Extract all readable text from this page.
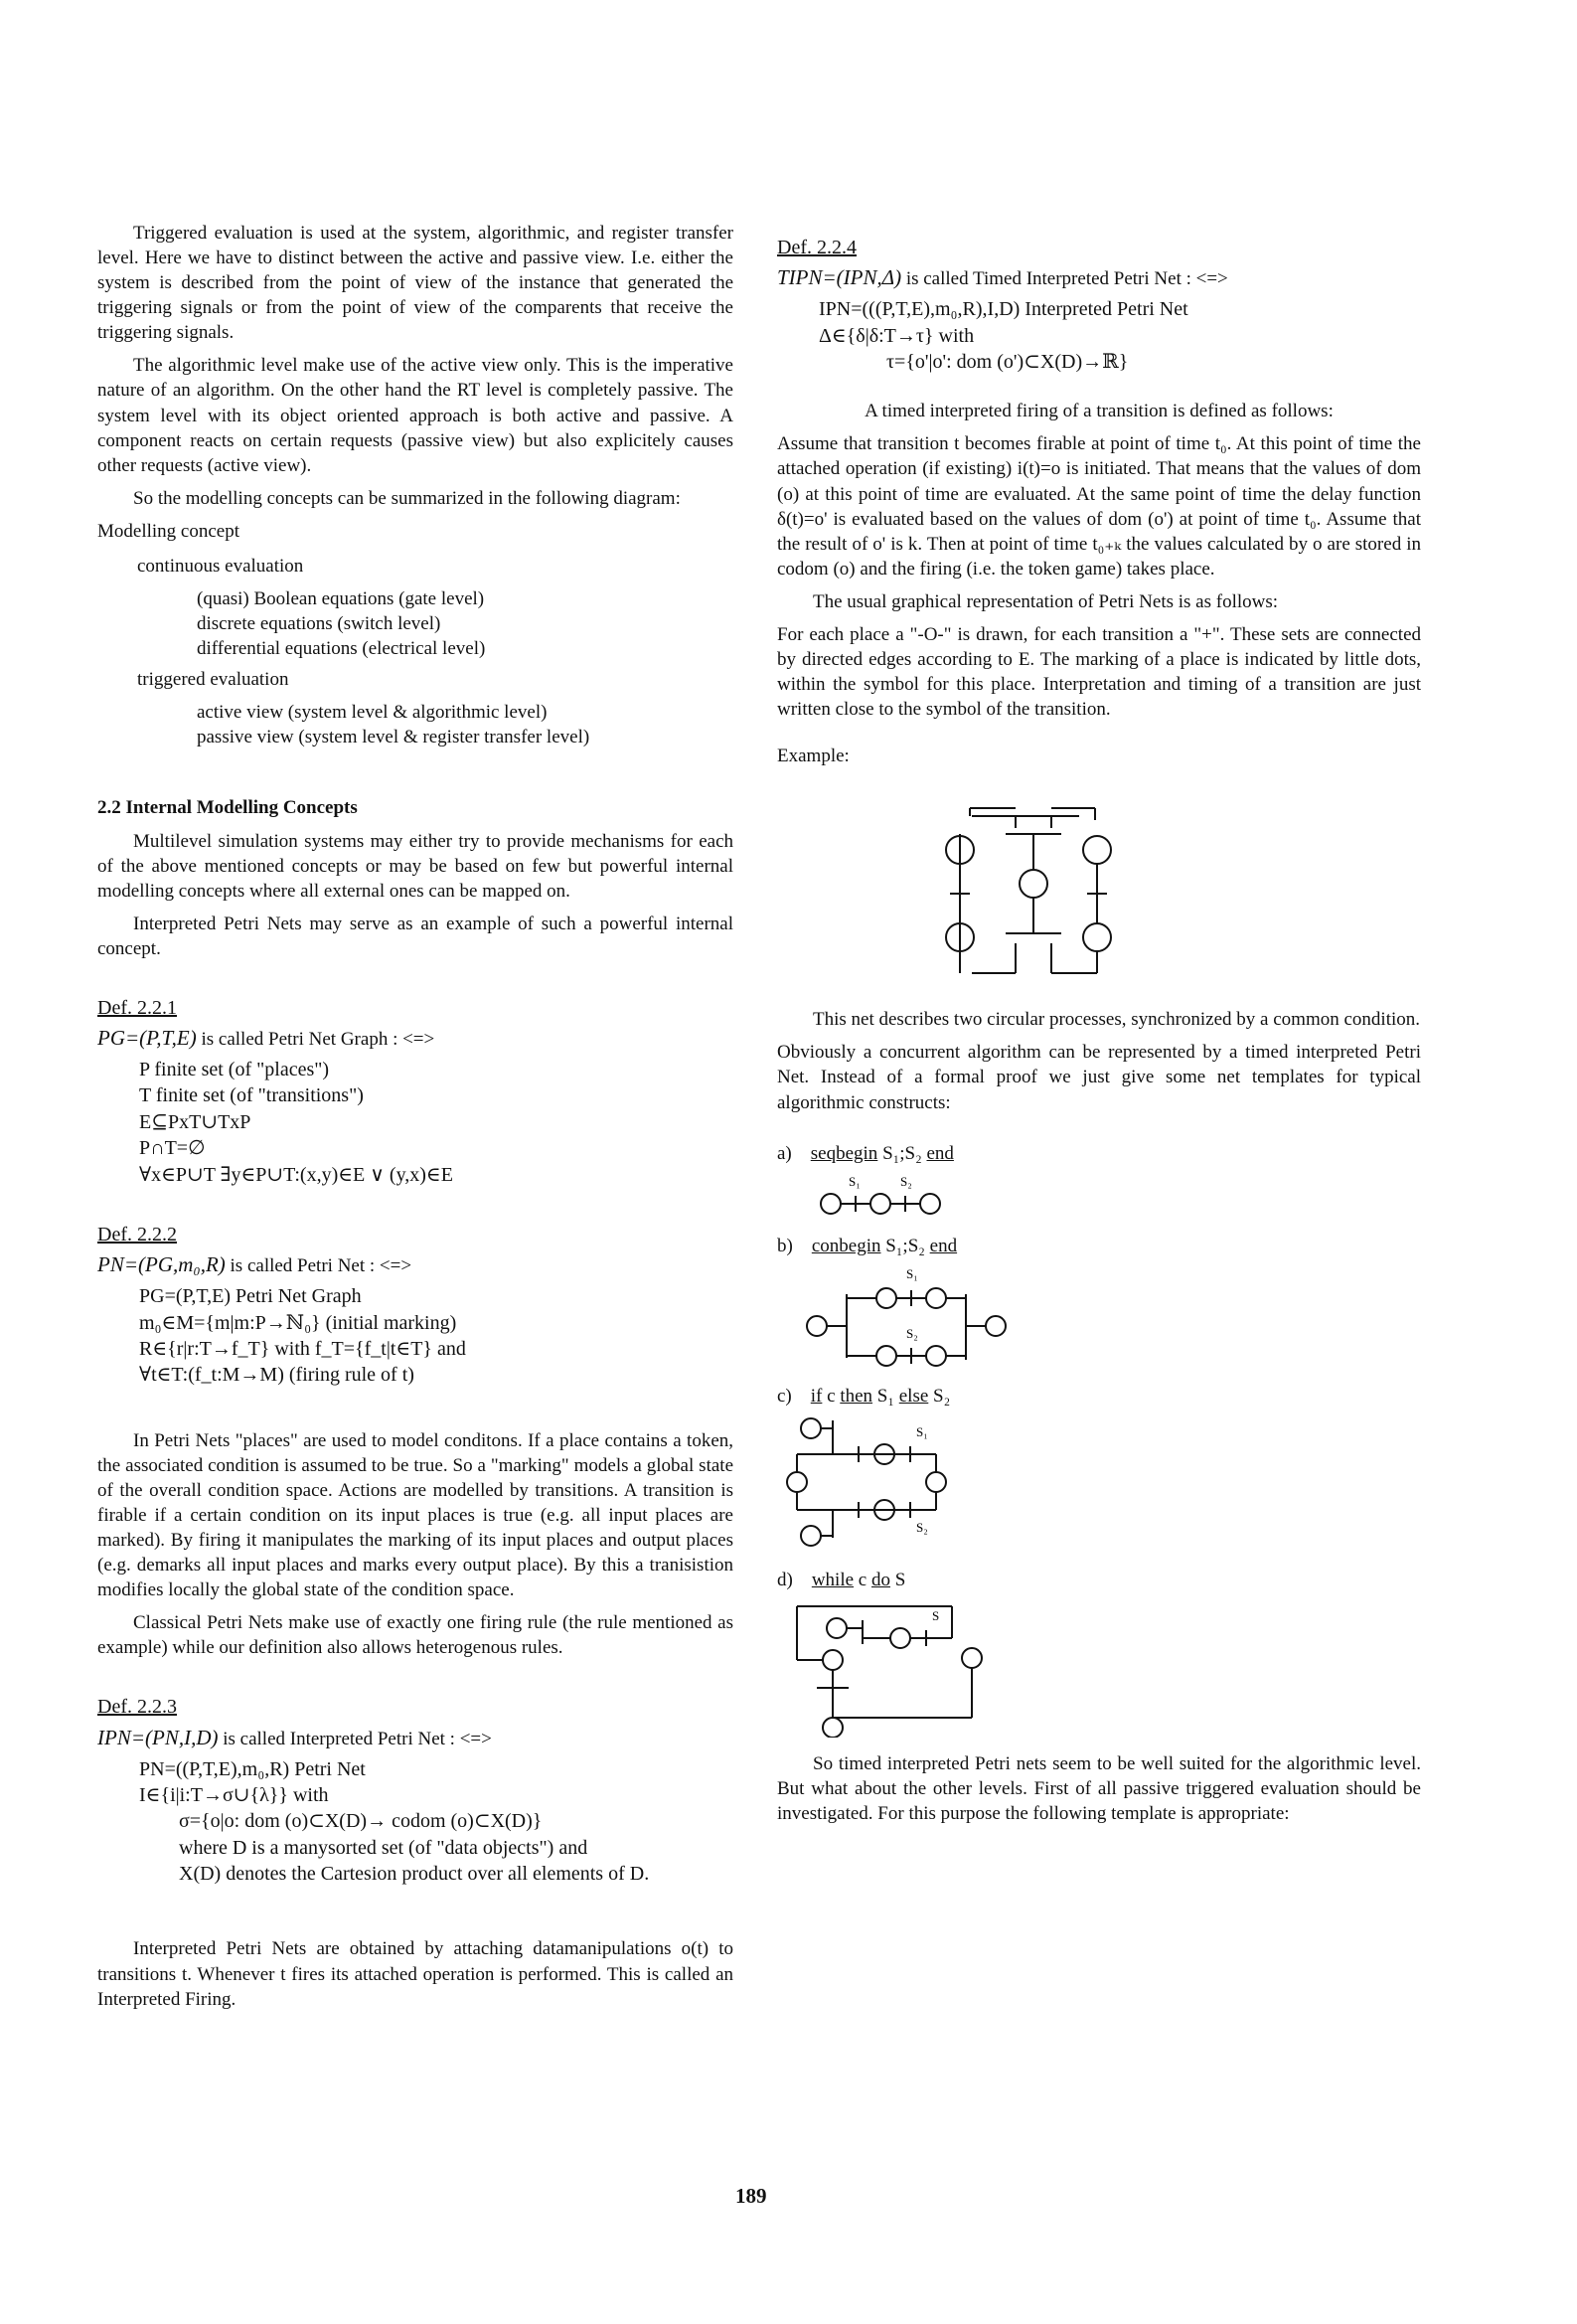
Triggered evaluation is used at the system, algorithmic, and register transfer level. Here we have to distinct between the active and passive view. I.e. either the system is described from the point of view of the instance that generated the triggering signals or from the point of view of the comparents that receive the triggering signals.

The algorithmic level make use of the active view only. This is the imperative nature of an algorithm. On the other hand the RT level is completely passive. The system level with its object oriented approach is both active and passive. A component reacts on certain requests (passive view) but also explicitely causes other requests (active view).

So the modelling concepts can be summarized in the following diagram:

Modelling concept
continuous evaluation
(quasi) Boolean equations (gate level)
discrete equations (switch level)
differential equations (electrical level)
triggered evaluation
active view (system level & algorithmic level)
passive view (system level & register transfer level)
2.2 Internal Modelling Concepts

Multilevel simulation systems may either try to provide mechanisms for each of the above mentioned concepts or may be based on few but powerful internal modelling concepts where all external ones can be mapped on.

Interpreted Petri Nets may serve as an example of such a powerful internal concept.

Def. 2.2.1
PG=(P,T,E) is called Petri Net Graph : <=>
P finite set (of "places")
T finite set (of "transitions")
E⊆PxT∪TxP
P∩T=∅
∀x∈P∪T ∃y∈P∪T:(x,y)∈E ∨ (y,x)∈E
Def. 2.2.2
PN=(PG,m₀,R) is called Petri Net : <=>
PG=(P,T,E) Petri Net Graph
m₀∈M={m|m:P→ℕ₀} (initial marking)
R∈{r|r:T→f_T} with f_T={f_t|t∈T} and
∀t∈T:(f_t:M→M) (firing rule of t)

In Petri Nets "places" are used to model conditons. If a place contains a token, the associated condition is assumed to be true. So a "marking" models a global state of the overall condition space. Actions are modelled by transitions. A transition is firable if a certain condition on its input places is true (e.g. all input places are marked). By firing it manipulates the marking of its input places and output places (e.g. demarks all input places and marks every output place). By this a tranisistion modifies locally the global state of the condition space.

Classical Petri Nets make use of exactly one firing rule (the rule mentioned as example) while our definition also allows heterogenous rules.

Def. 2.2.3
IPN=(PN,I,D) is called Interpreted Petri Net : <=>
PN=((P,T,E),m₀,R) Petri Net
I∈{i|i:T→σ∪{λ}} with
σ={o|o: dom (o)⊂X(D)→ codom (o)⊂X(D)}
where D is a manysorted set (of "data objects") and
X(D) denotes the Cartesion product over all elements of D.

Interpreted Petri Nets are obtained by attaching datamanipulations o(t) to transitions t. Whenever t fires its attached operation is performed. This is called an Interpreted Firing.

Def. 2.2.4
TIPN=(IPN,Δ) is called Timed Interpreted Petri Net : <=>
IPN=(((P,T,E),m₀,R),I,D) Interpreted Petri Net
Δ∈{δ|δ:T→τ} with
τ={o'|o': dom (o')⊂X(D)→ℝ}

A timed interpreted firing of a transition is defined as follows:

Assume that transition t becomes firable at point of time t₀. At this point of time the attached operation (if existing) i(t)=o is initiated. That means that the values of dom (o) at this point of time are evaluated. At the same point of time the delay function δ(t)=o' is evaluated based on the values of dom (o') at point of time t₀. Assume that the result of o' is k. Then at point of time t₀₊ₖ the values calculated by o are stored in codom (o) and the firing (i.e. the token game) takes place.

The usual graphical representation of Petri Nets is as follows:

For each place a "-O-" is drawn, for each transition a "+". These sets are connected by directed edges according to E. The marking of a place is indicated by little dots, within the symbol for this place. Interpretation and timing of a transition are just written close to the symbol of the transition.

Example:

This net describes two circular processes, synchronized by a common condition.

Obviously a concurrent algorithm can be represented by a timed interpreted Petri Net. Instead of a formal proof we just give some net templates for typical algorithmic constructs:

a) seqbegin S₁;S₂ end
S₁	S₂
b) conbegin S₁;S₂ end
S₁
S₂
c) if c then S₁ else S₂
S₁
S₂
d) while c do S
S

So timed interpreted Petri nets seem to be well suited for the algorithmic level. But what about the other levels. First of all passive triggered evaluation should be investigated. For this purpose the following template is appropriate:

189
